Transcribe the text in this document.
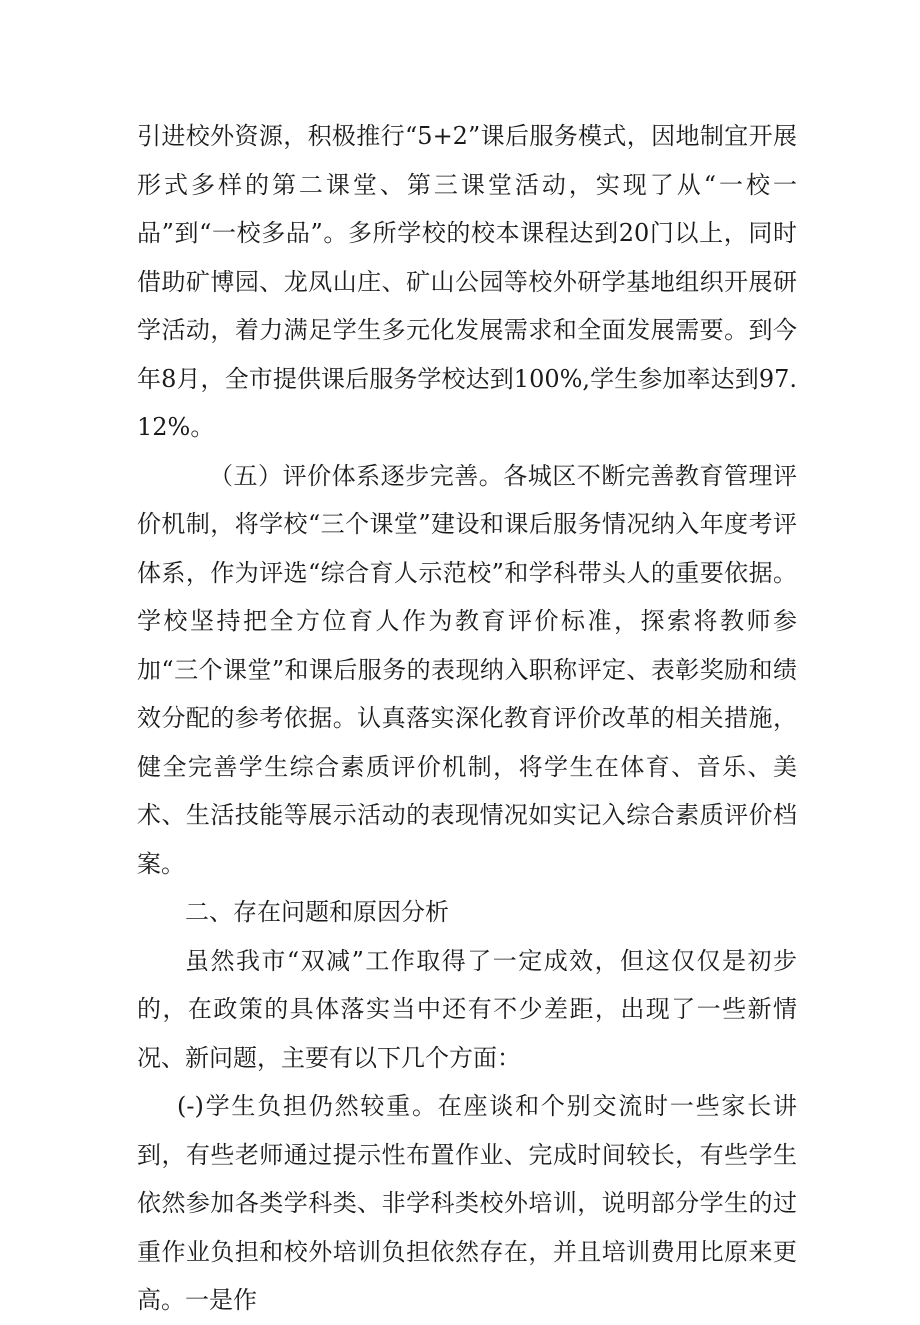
引进校外资源，积极推行“5+2”课后服务模式，因地制宜开展形式多样的第二课堂、第三课堂活动，实现了从“一校一品”到“一校多品”。多所学校的校本课程达到20门以上，同时借助矿博园、龙凤山庄、矿山公园等校外研学基地组织开展研学活动，着力满足学生多元化发展需求和全面发展需要。到今年8月，全市提供课后服务学校达到100%,学生参加率达到97.12%。

（五）评价体系逐步完善。各城区不断完善教育管理评价机制，将学校“三个课堂”建设和课后服务情况纳入年度考评体系，作为评选“综合育人示范校”和学科带头人的重要依据。学校坚持把全方位育人作为教育评价标准，探索将教师参加“三个课堂”和课后服务的表现纳入职称评定、表彰奖励和绩效分配的参考依据。认真落实深化教育评价改革的相关措施，健全完善学生综合素质评价机制，将学生在体育、音乐、美术、生活技能等展示活动的表现情况如实记入综合素质评价档案。

二、存在问题和原因分析

虽然我市“双减”工作取得了一定成效，但这仅仅是初步的，在政策的具体落实当中还有不少差距，出现了一些新情况、新问题，主要有以下几个方面：

(-)学生负担仍然较重。在座谈和个别交流时一些家长讲到，有些老师通过提示性布置作业、完成时间较长，有些学生依然参加各类学科类、非学科类校外培训，说明部分学生的过重作业负担和校外培训负担依然存在，并且培训费用比原来更高。一是作
